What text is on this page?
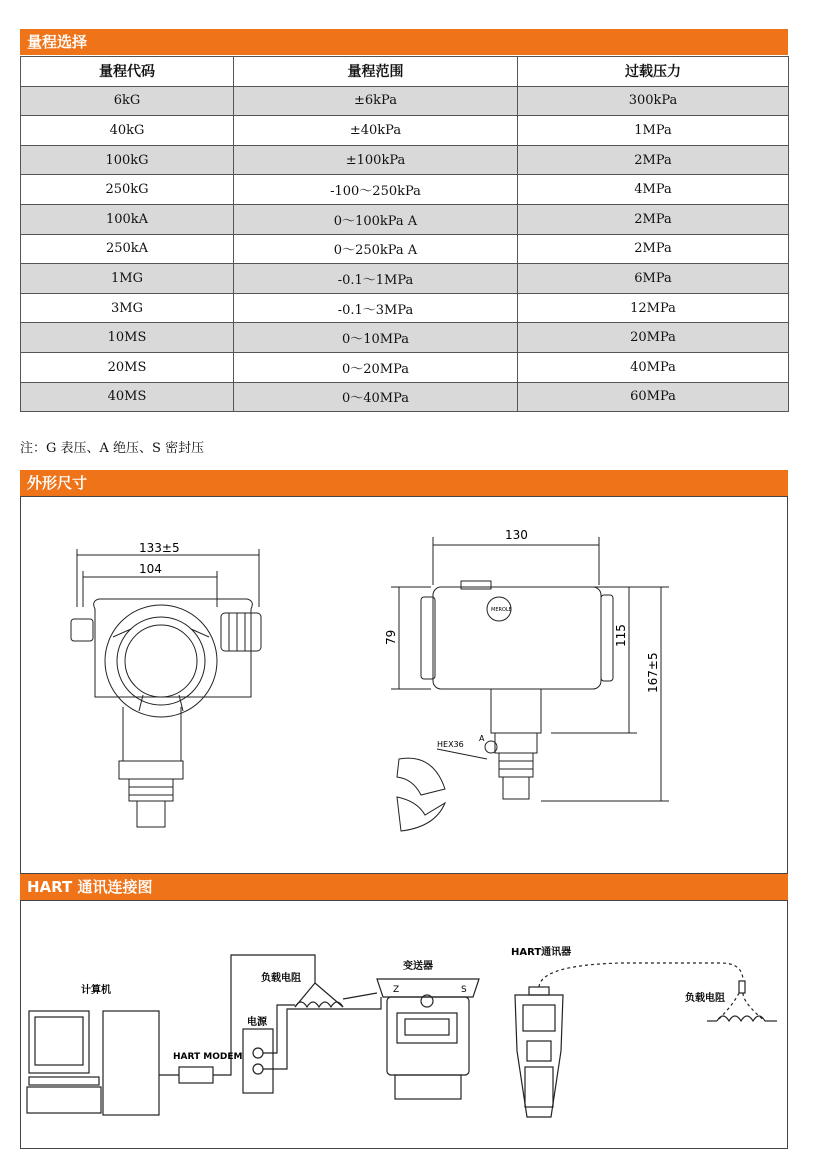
量程选择
量程代码	量程范围	过载压力
6kG	±6kPa	300kPa
40kG	±40kPa	1MPa
100kG	±100kPa	2MPa
250kG	-100～250kPa	4MPa
100kA	0～100kPa A	2MPa
250kA	0～250kPa A	2MPa
1MG	-0.1～1MPa	6MPa
3MG	-0.1～3MPa	12MPa
10MS	0～10MPa	20MPa
20MS	0～20MPa	40MPa
40MS	0～40MPa	60MPa
注：G 表压、A 绝压、S 密封压
外形尺寸
133±5
104
130
79	115
167±5
HEX36
A
MEROLE
HART 通讯连接图
计算机
HART MODEM
负载电阻
电源
变送器
HART通讯器
负载电阻
Z	S
